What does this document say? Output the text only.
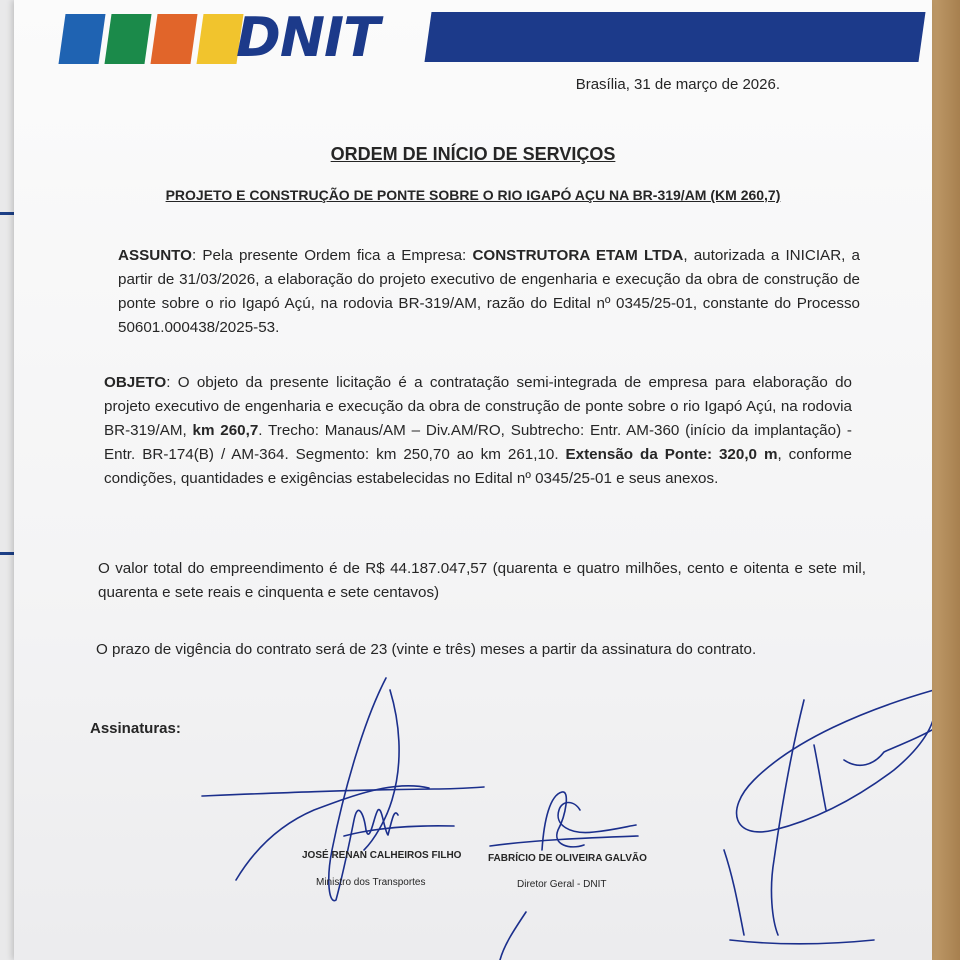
DNIT
Brasília, 31 de março de 2026.
ORDEM DE INÍCIO DE SERVIÇOS
PROJETO E CONSTRUÇÃO DE PONTE SOBRE O RIO IGAPÓ AÇU NA BR-319/AM (KM 260,7)
ASSUNTO: Pela presente Ordem fica a Empresa: CONSTRUTORA ETAM LTDA, autorizada a INICIAR, a partir de 31/03/2026, a elaboração do projeto executivo de engenharia e execução da obra de construção de ponte sobre o rio Igapó Açú, na rodovia BR-319/AM, razão do Edital nº 0345/25-01, constante do Processo 50601.000438/2025-53.
OBJETO: O objeto da presente licitação é a contratação semi-integrada de empresa para elaboração do projeto executivo de engenharia e execução da obra de construção de ponte sobre o rio Igapó Açú, na rodovia BR-319/AM, km 260,7. Trecho: Manaus/AM – Div.AM/RO, Subtrecho: Entr. AM-360 (início da implantação) - Entr. BR-174(B) / AM-364. Segmento: km 250,70 ao km 261,10. Extensão da Ponte: 320,0 m, conforme condições, quantidades e exigências estabelecidas no Edital nº 0345/25-01 e seus anexos.
O valor total do empreendimento é de R$ 44.187.047,57 (quarenta e quatro milhões, cento e oitenta e sete mil, quarenta e sete reais e cinquenta e sete centavos)
O prazo de vigência do contrato será de 23 (vinte e três) meses a partir da assinatura do contrato.
Assinaturas:
JOSÉ RENAN CALHEIROS FILHO
Ministro dos Transportes
FABRÍCIO DE OLIVEIRA GALVÃO
Diretor Geral - DNIT
